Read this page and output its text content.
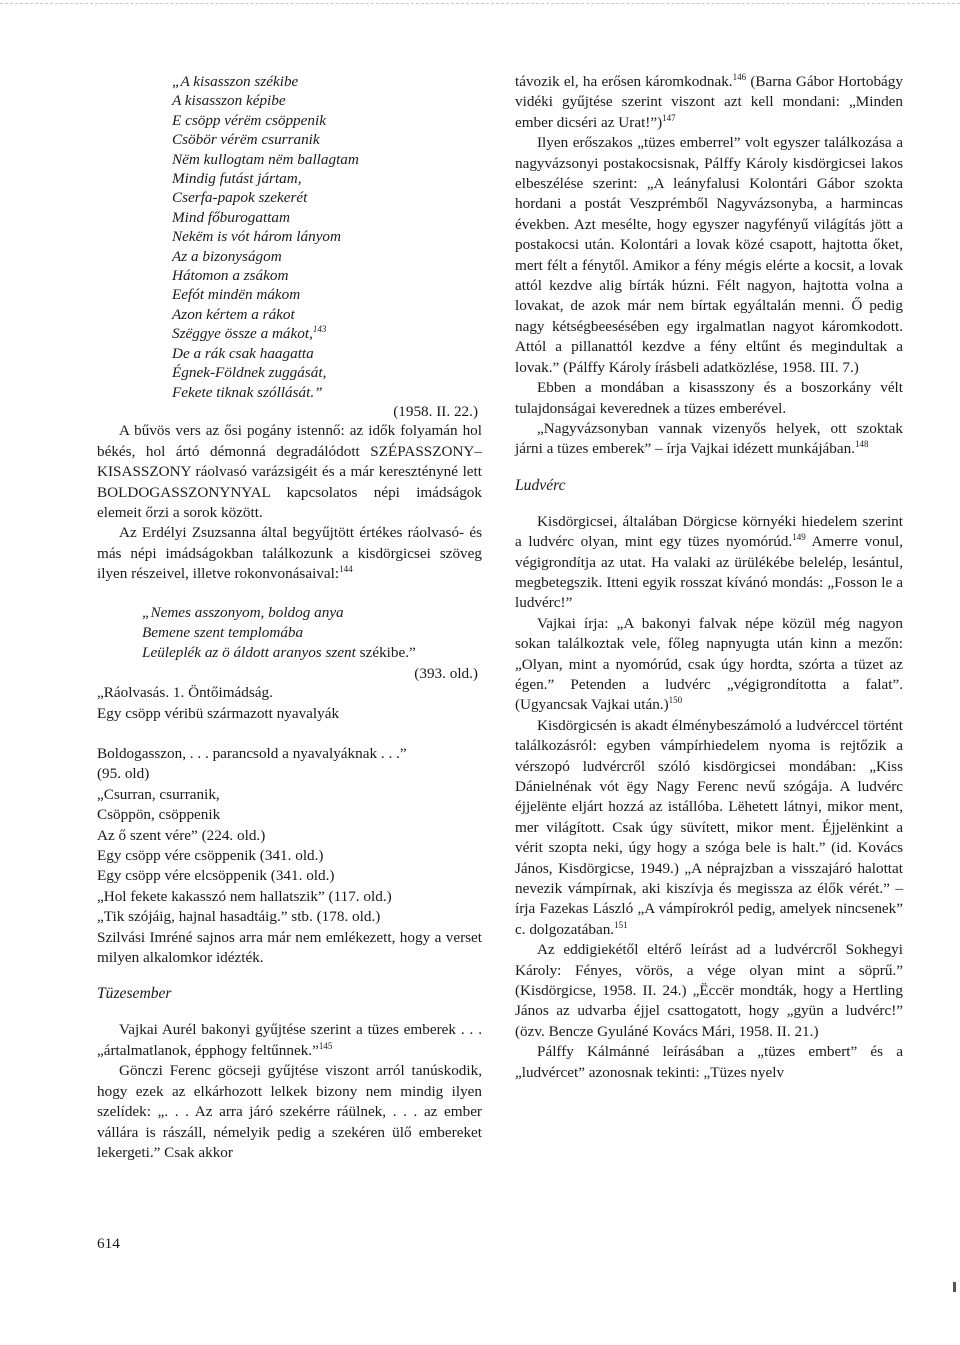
„A kisasszon székibe
A kisasszon képibe
E csöpp vérëm csöppenik
Csöbör vérëm csurranik
Nëm kullogtam nëm ballagtam
Mindig futást jártam,
Cserfa-papok szekerét
Mind főburogattam
Nekëm is vót három lányom
Az a bizonyságom
Hátomon a zsákom
Eefót mindën mákom
Azon kértem a rákot
Szëggye össze a mákot,$^{143}$
De a rák csak haagatta
Égnek-Földnek zuggását,
Fekete tiknak szóllását.”
(1958. II. 22.)

A bűvös vers az ősi pogány istennő: az idők folyamán hol békés, hol ártó démonná degradálódott SZÉPASSZONY–KISASSZONY ráolvasó varázsigéit és a már keresztényné lett BOLDOGASSZONYNYAL kapcsolatos népi imádságok elemeit őrzi a sorok között.

Az Erdélyi Zsuzsanna által begyűjtött értékes ráolvasó- és más népi imádságokban találkozunk a kisdörgicsei szöveg ilyen részeivel, illetve rokonvonásaival:$^{144}$

„Nemes asszonyom, boldog anya
Bemene szent templomába
Leüleplék az ö áldott aranyos szent székibe.”
(393. old.)
„Ráolvasás. 1. Öntőimádság.
Egy csöpp véribü származott nyavalyák
Boldogasszon, . . . parancsold a nyavalyáknak . . .”
(95. old)
„Csurran, csurranik,
Csöppön, csöppenik
Az ő szent vére” (224. old.)
Egy csöpp vére csöppenik (341. old.)
Egy csöpp vére elcsöppenik (341. old.)
„Hol fekete kakasszó nem hallatszik” (117. old.)
„Tik szójáig, hajnal hasadtáig.” stb. (178. old.)

Szilvási Imréné sajnos arra már nem emlékezett, hogy a verset milyen alkalomkor idézték.

Tüzesember

Vajkai Aurél bakonyi gyűjtése szerint a tüzes emberek . . . „ártalmatlanok, épphogy feltűnnek.”$^{145}$

Gönczi Ferenc göcseji gyűjtése viszont arról tanúskodik, hogy ezek az elkárhozott lelkek bizony nem mindig ilyen szelídek: „. . . Az arra járó szekérre ráülnek, . . . az ember vállára is rászáll, némelyik pedig a szekéren ülő embereket lekergeti.” Csak akkor

távozik el, ha erősen káromkodnak.$^{146}$ (Barna Gábor Hortobágy vidéki gyűjtése szerint viszont azt kell mondani: „Minden ember dicséri az Urat!”)$^{147}$

Ilyen erőszakos „tüzes emberrel” volt egyszer találkozása a nagyvázsonyi postakocsisnak, Pálffy Károly kisdörgicsei lakos elbeszélése szerint: „A leányfalusi Kolontári Gábor szokta hordani a postát Veszprémből Nagyvázsonyba, a harmincas években. Azt mesélte, hogy egyszer nagyfényű világítás jött a postakocsi után. Kolontári a lovak közé csapott, hajtotta őket, mert félt a fénytől. Amikor a fény mégis elérte a kocsit, a lovak attól kezdve alig bírták húzni. Félt nagyon, hajtotta volna a lovakat, de azok már nem bírtak egyáltalán menni. Ő pedig nagy kétségbeesésében egy irgalmatlan nagyot káromkodott. Attól a pillanattól kezdve a fény eltűnt és megindultak a lovak.” (Pálffy Károly írásbeli adatközlése, 1958. III. 7.)

Ebben a mondában a kisasszony és a boszorkány vélt tulajdonságai keverednek a tüzes emberével.

„Nagyvázsonyban vannak vizenyős helyek, ott szoktak járni a tüzes emberek” – írja Vajkai idézett munkájában.$^{148}$

Ludvérc

Kisdörgicsei, általában Dörgicse környéki hiedelem szerint a ludvérc olyan, mint egy tüzes nyomórúd.$^{149}$ Amerre vonul, végigrondítja az utat. Ha valaki az ürülékébe belelép, lesántul, megbetegszik. Itteni egyik rosszat kívánó mondás: „Fosson le a ludvérc!”

Vajkai írja: „A bakonyi falvak népe közül még nagyon sokan találkoztak vele, főleg napnyugta után kinn a mezőn: „Olyan, mint a nyomórúd, csak úgy hordta, szórta a tüzet az égen.” Petenden a ludvérc „végigrondította a falat”. (Ugyancsak Vajkai után.)$^{150}$

Kisdörgicsén is akadt élménybeszámoló a ludvérccel történt találkozásról: egyben vámpírhiedelem nyoma is rejtőzik a vérszopó ludvércről szóló kisdörgicsei mondában: „Kiss Dánielnénak vót ëgy Nagy Ferenc nevű szógája. A ludvérc éjjelënte eljárt hozzá az istállóba. Lëhetett látnyi, mikor ment, mer világított. Csak úgy süvített, mikor ment. Éjjelënkint a vérit szopta neki, úgy hogy a szóga bele is halt.” (id. Kovács János, Kisdörgicse, 1949.) „A néprajzban a visszajáró halottat nevezik vámpírnak, aki kiszívja és megissza az élők vérét.” – írja Fazekas László „A vámpírokról pedig, amelyek nincsenek” c. dolgozatában.$^{151}$

Az eddigiekétől eltérő leírást ad a ludvércről Sokhegyi Károly: Fényes, vörös, a vége olyan mint a söprű.” (Kisdörgicse, 1958. II. 24.) „Ëccër mondták, hogy a Hertling János az udvarba éjjel csattogatott, hogy „gyün a ludvérc!” (özv. Bencze Gyuláné Kovács Mári, 1958. II. 21.)

Pálffy Kálmánné leírásában a „tüzes embert” és a „ludvércet” azonosnak tekinti: „Tüzes nyelv

614
